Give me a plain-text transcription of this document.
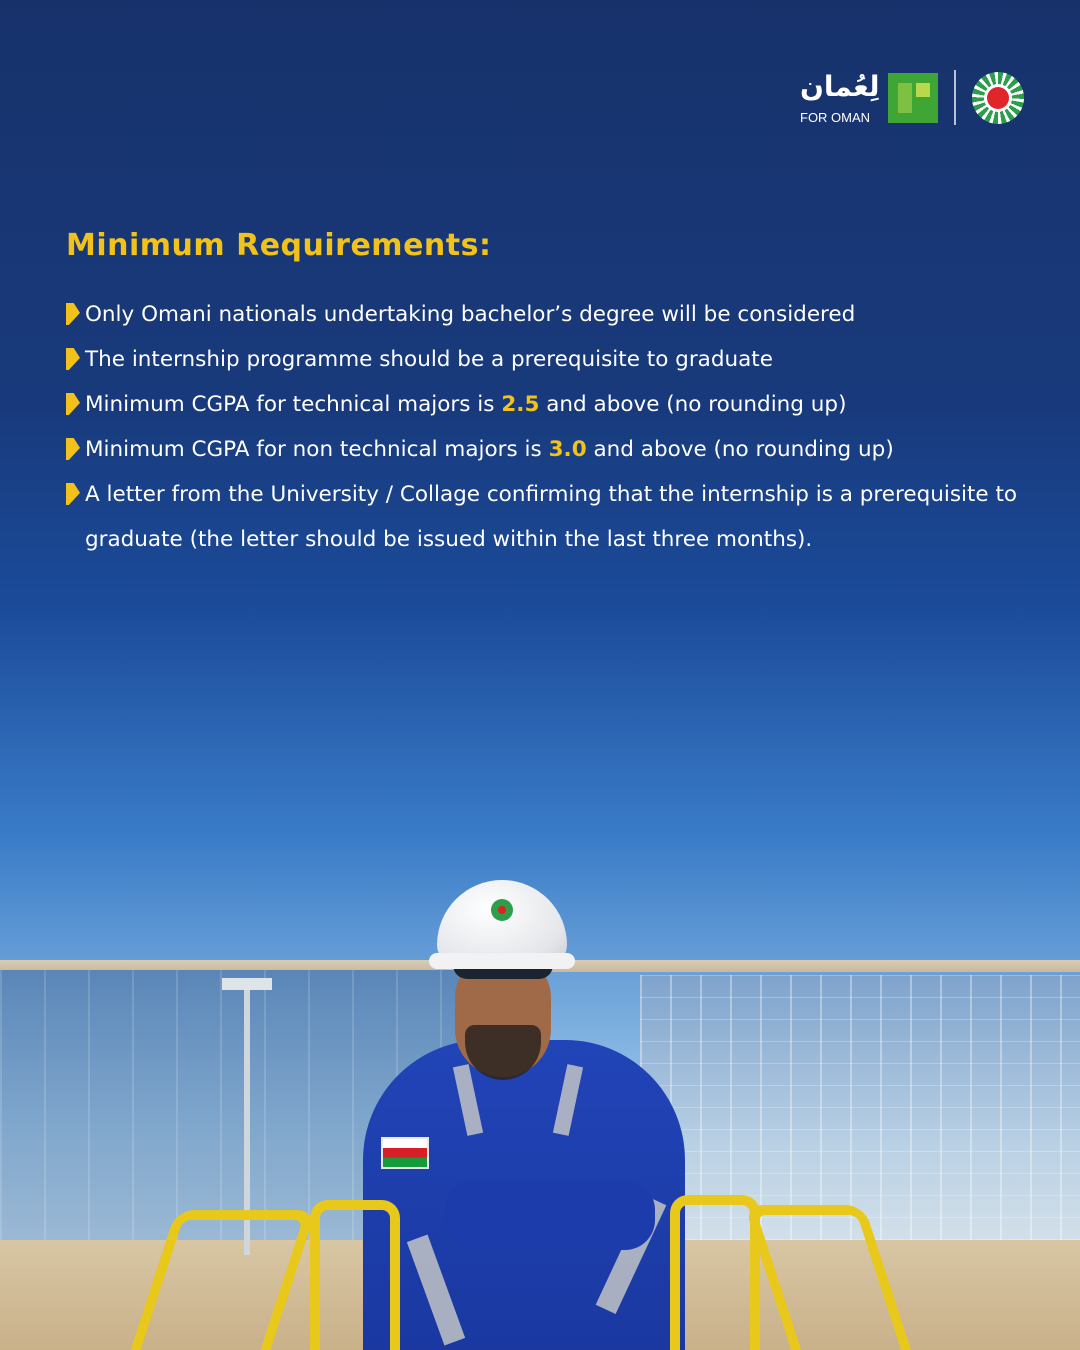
لِعُمان
FOR OMAN
Minimum Requirements:
Only Omani nationals undertaking bachelor’s degree will be considered
The internship programme should be a prerequisite to graduate
Minimum CGPA for technical majors is 2.5 and above (no rounding up)
Minimum CGPA for non technical majors is 3.0 and above (no rounding up)
A letter from the University / Collage confirming that the internship is a prerequisite to graduate (the letter should be issued within the last three months).
